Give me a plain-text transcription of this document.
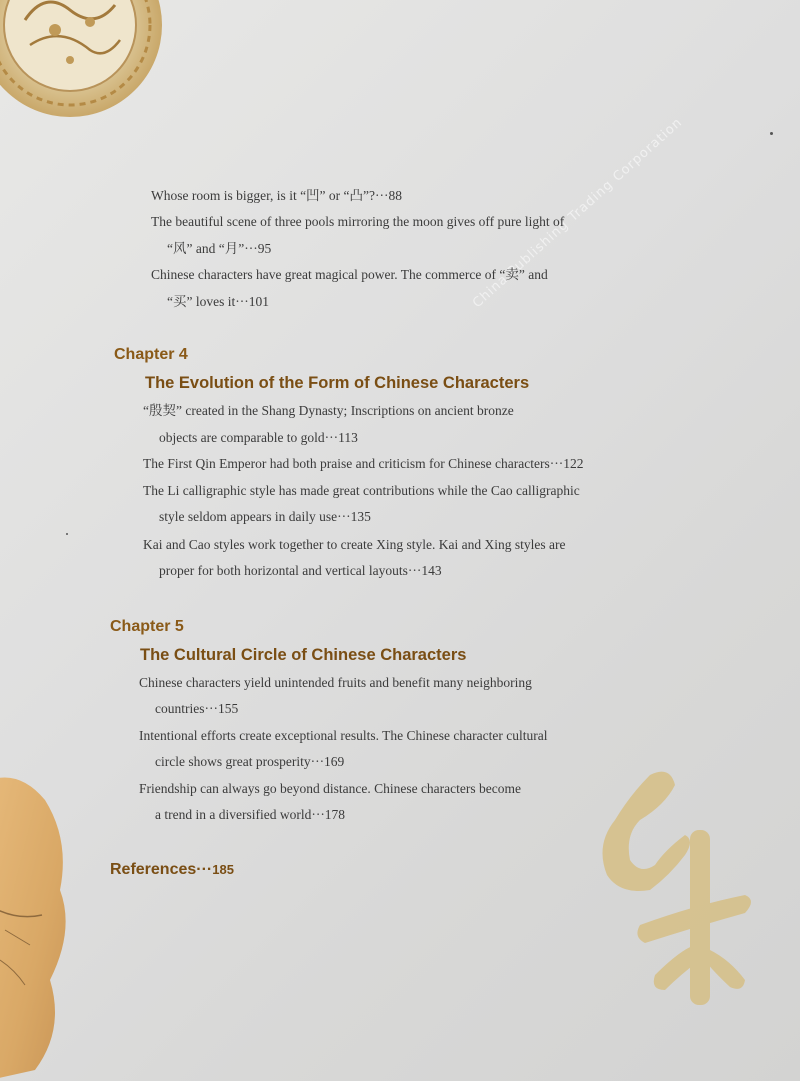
China Publishing Trading Corporation
Whose room is bigger, is it “凹” or “凸”?···88
The beautiful scene of three pools mirroring the moon gives off pure light of
“风” and “月”···95
Chinese characters have great magical power. The commerce of “卖” and
“买” loves it···101
Chapter 4
The Evolution of the Form of Chinese Characters
“殷契” created in the Shang Dynasty; Inscriptions on ancient bronze
objects are comparable to gold···113
The First Qin Emperor had both praise and criticism for Chinese characters···122
The Li calligraphic style has made great contributions while the Cao calligraphic
style seldom appears in daily use···135
Kai and Cao styles work together to create Xing style. Kai and Xing styles are
proper for both horizontal and vertical layouts···143
Chapter 5
The Cultural Circle of Chinese Characters
Chinese characters yield unintended fruits and benefit many neighboring
countries···155
Intentional efforts create exceptional results. The Chinese character cultural
circle shows great prosperity···169
Friendship can always go beyond distance. Chinese characters become
a trend in a diversified world···178
References···185
